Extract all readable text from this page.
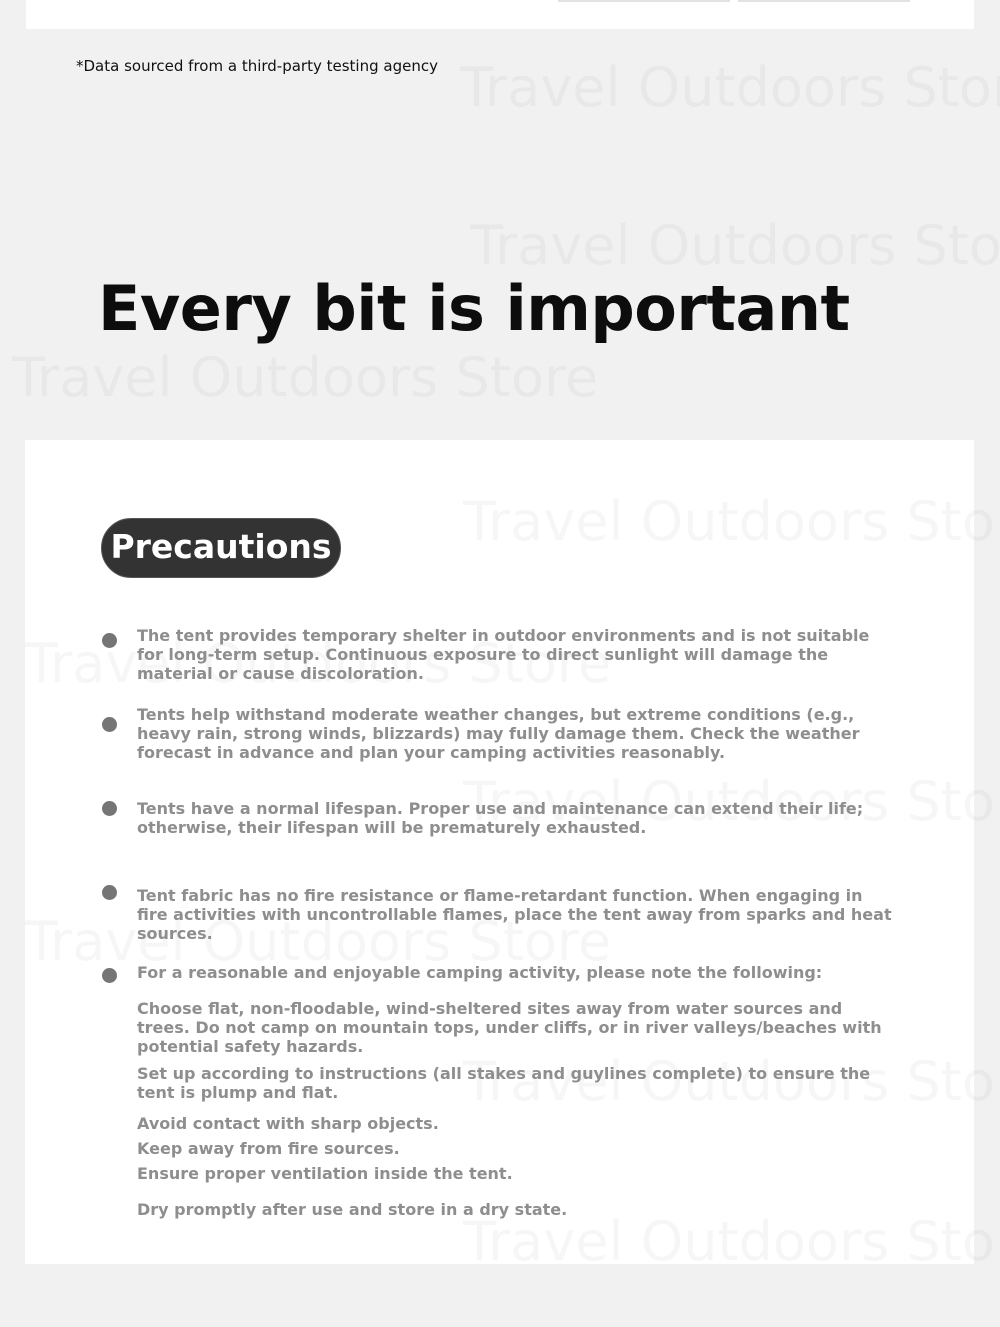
*Data sourced from a third-party testing agency
Every bit is important
Precautions
The tent provides temporary shelter in outdoor environments and is not suitable for long-term setup. Continuous exposure to direct sunlight will damage the material or cause discoloration.
Tents help withstand moderate weather changes, but extreme conditions (e.g., heavy rain, strong winds, blizzards) may fully damage them. Check the weather forecast in advance and plan your camping activities reasonably.
Tents have a normal lifespan. Proper use and maintenance can extend their life; otherwise, their lifespan will be prematurely exhausted.
Tent fabric has no fire resistance or flame-retardant function. When engaging in fire activities with uncontrollable flames, place the tent away from sparks and heat sources.
For a reasonable and enjoyable camping activity, please note the following:
Choose flat, non-floodable, wind-sheltered sites away from water sources and trees. Do not camp on mountain tops, under cliffs, or in river valleys/beaches with potential safety hazards.
Set up according to instructions (all stakes and guylines complete) to ensure the tent is plump and flat.
Avoid contact with sharp objects.
Keep away from fire sources.
Ensure proper ventilation inside the tent.
Dry promptly after use and store in a dry state.
